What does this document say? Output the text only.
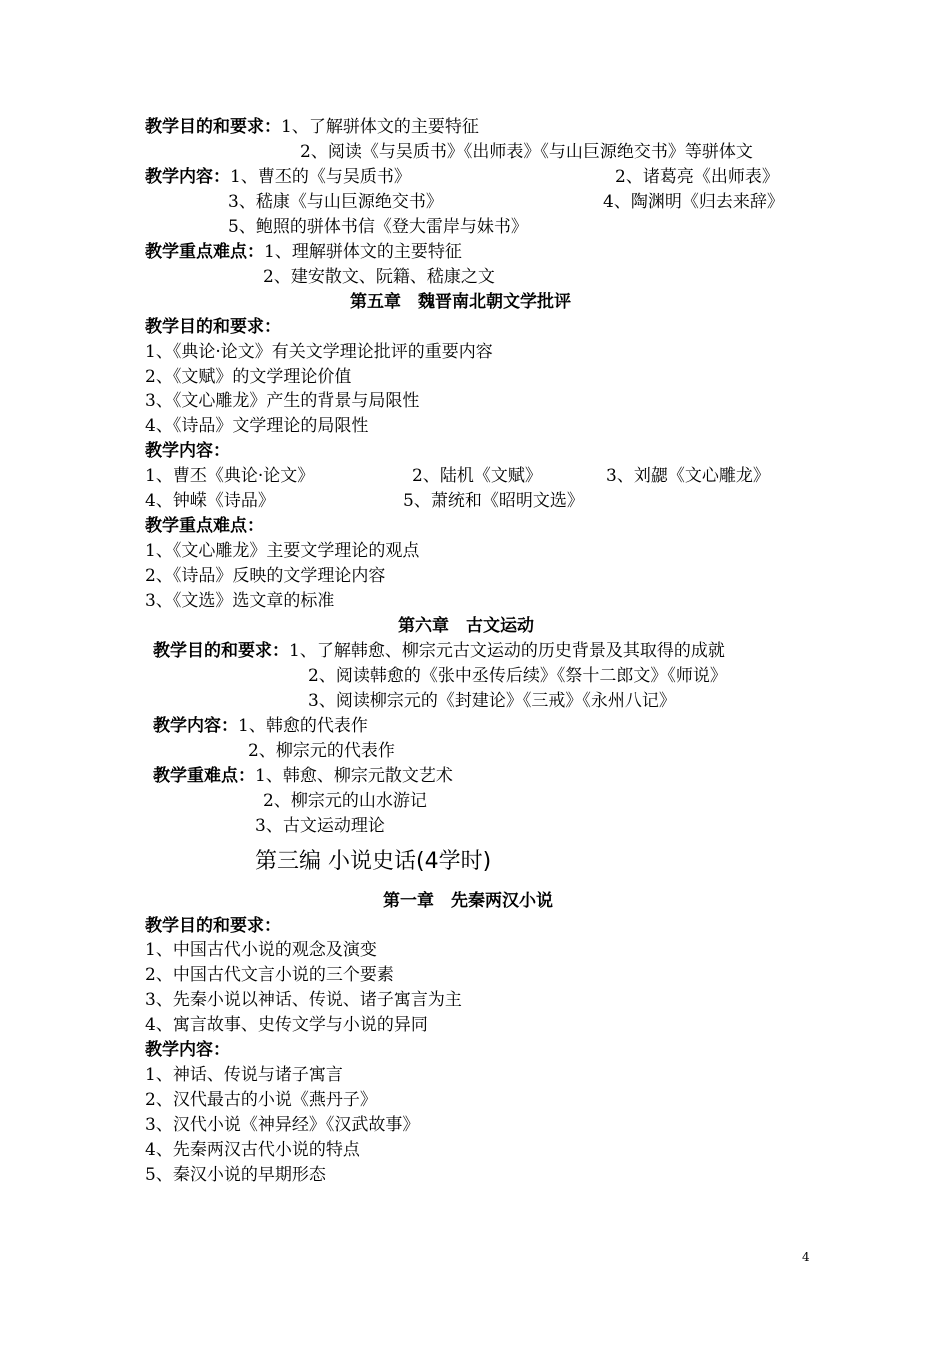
教学目的和要求：1、了解骈体文的主要特征
2、阅读《与吴质书》《出师表》《与山巨源绝交书》等骈体文
教学内容：1、曹丕的《与吴质书》	2、诸葛亮《出师表》
3、嵇康《与山巨源绝交书》	4、陶渊明《归去来辞》
5、鲍照的骈体书信《登大雷岸与妹书》
教学重点难点：1、理解骈体文的主要特征
2、建安散文、阮籍、嵇康之文
第五章　魏晋南北朝文学批评
教学目的和要求：
1、《典论·论文》有关文学理论批评的重要内容
2、《文赋》的文学理论价值
3、《文心雕龙》产生的背景与局限性
4、《诗品》文学理论的局限性
教学内容：
1、曹丕《典论·论文》	2、陆机《文赋》	3、刘勰《文心雕龙》
4、钟嵘《诗品》	5、萧统和《昭明文选》
教学重点难点：
1、《文心雕龙》主要文学理论的观点
2、《诗品》反映的文学理论内容
3、《文选》选文章的标准
第六章　古文运动
教学目的和要求：1、了解韩愈、柳宗元古文运动的历史背景及其取得的成就
2、阅读韩愈的《张中丞传后续》《祭十二郎文》《师说》
3、阅读柳宗元的《封建论》《三戒》《永州八记》
教学内容：1、韩愈的代表作
2、柳宗元的代表作
教学重难点：1、韩愈、柳宗元散文艺术
2、柳宗元的山水游记
3、古文运动理论
第三编 小说史话(4学时)
第一章　先秦两汉小说
教学目的和要求：
1、中国古代小说的观念及演变
2、中国古代文言小说的三个要素
3、先秦小说以神话、传说、诸子寓言为主
4、寓言故事、史传文学与小说的异同
教学内容：
1、神话、传说与诸子寓言
2、汉代最古的小说《燕丹子》
3、汉代小说《神异经》《汉武故事》
4、先秦两汉古代小说的特点
5、秦汉小说的早期形态
4
